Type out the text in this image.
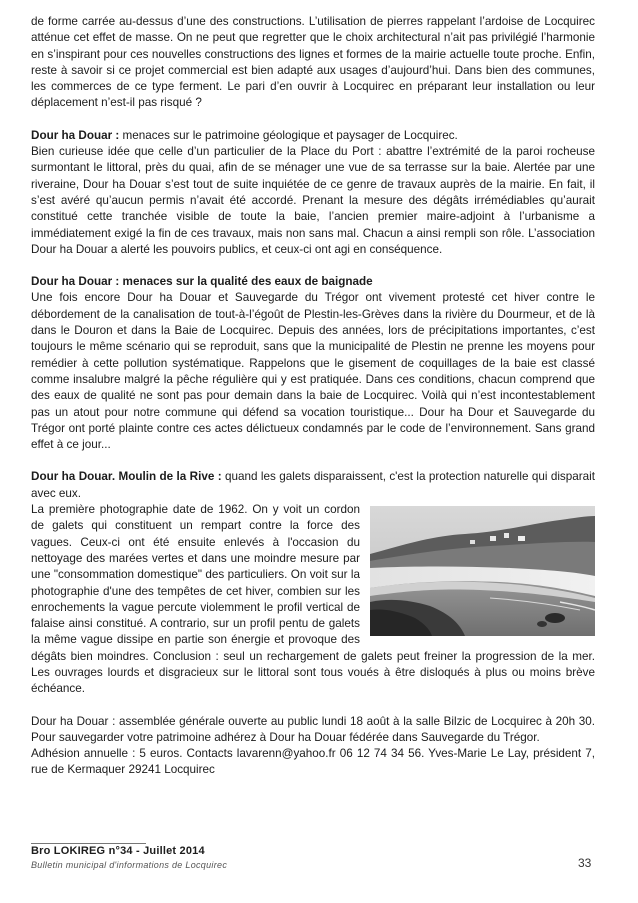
de forme carrée au-dessus d’une des constructions. L’utilisation de pierres rappelant l’ardoise de Locquirec atténue cet effet de masse. On ne peut que regretter que le choix architectural n’ait pas privilégié l’harmonie en s’inspirant pour ces nouvelles constructions des lignes et formes de la mairie actuelle toute proche. Enfin, reste à savoir si ce projet commercial est bien adapté aux usages d’aujourd’hui. Dans bien des communes, les commerces de ce type ferment. Le pari d’en ouvrir à Locquirec en préparant leur installation ou leur déplacement n’est-il pas risqué ?

Dour ha Douar : menaces sur le patrimoine géologique et paysager de Locquirec.
Bien curieuse idée que celle d’un particulier de la Place du Port : abattre l’extrémité de la paroi rocheuse surmontant le littoral, près du quai, afin de se ménager une vue de sa terrasse sur la baie. Alertée par une riveraine, Dour ha Douar s’est tout de suite inquiétée de ce genre de travaux auprès de la mairie. En fait, il s’est avéré qu’aucun permis n’avait été accordé. Prenant la mesure des dégâts irrémédiables qu’aurait constitué cette tranchée visible de toute la baie, l’ancien premier maire-adjoint à l’urbanisme a immédiatement exigé la fin de ces travaux, mais non sans mal. Chacun a ainsi rempli son rôle. L’association Dour ha Douar a alerté les pouvoirs publics, et ceux-ci ont agi en conséquence.

Dour ha Douar : menaces sur la qualité des eaux de baignade
Une fois encore Dour ha Douar et Sauvegarde du Trégor ont vivement protesté cet hiver contre le débordement de la canalisation de tout-à-l’égoût de Plestin-les-Grèves dans la rivière du Dourmeur, et de là dans le Douron et dans la Baie de Locquirec. Depuis des années, lors de précipitations importantes, c’est toujours le même scénario qui se reproduit, sans que la municipalité de Plestin ne prenne les moyens pour remédier à cette pollution systématique. Rappelons que le gisement de coquillages de la baie est classé comme insalubre malgré la pêche régulière qui y est pratiquée. Dans ces conditions, chacun comprend que des eaux de qualité ne sont pas pour demain dans la baie de Locquirec. Voilà qui n’est incontestablement pas un atout pour notre commune qui défend sa vocation touristique... Dour ha Dour et Sauvegarde du Trégor ont porté plainte contre ces actes délictueux condamnés par le code de l’environnement. Sans grand effet à ce jour...

Dour ha Douar. Moulin de la Rive : quand les galets disparaissent, c'est la protection naturelle qui disparait avec eux.

La première photographie date de 1962. On y voit un cordon de galets qui constituent un rempart contre la force des vagues. Ceux-ci ont été ensuite enlevés à l'occasion du nettoyage des marées vertes et dans une moindre mesure par une "consommation domestique" des particuliers. On voit sur la photographie d'une des tempêtes de cet hiver, combien sur les enrochements la vague percute violemment le profil vertical de falaise ainsi constitué. A contrario, sur un profil pentu de galets la même vague dissipe en partie son énergie et provoque des dégâts bien moindres. Conclusion : seul un rechargement de galets peut freiner la progression de la mer. Les ouvrages lourds et disgracieux sur le littoral sont tous voués à être disloqués à plus ou moins brève échéance.

Dour ha Douar : assemblée générale ouverte au public lundi 18 août à la salle Bilzic de Locquirec à 20h 30. Pour sauvegarder votre patrimoine adhérez à Dour ha Douar fédérée dans Sauvegarde du Trégor.
Adhésion annuelle : 5 euros. Contacts lavarenn@yahoo.fr 06 12 74 34 56. Yves-Marie Le Lay, président 7, rue de Kermaquer 29241 Locquirec

Bro LOKIREG n°34 - Juillet 2014
Bulletin municipal d'informations de Locquirec	33
